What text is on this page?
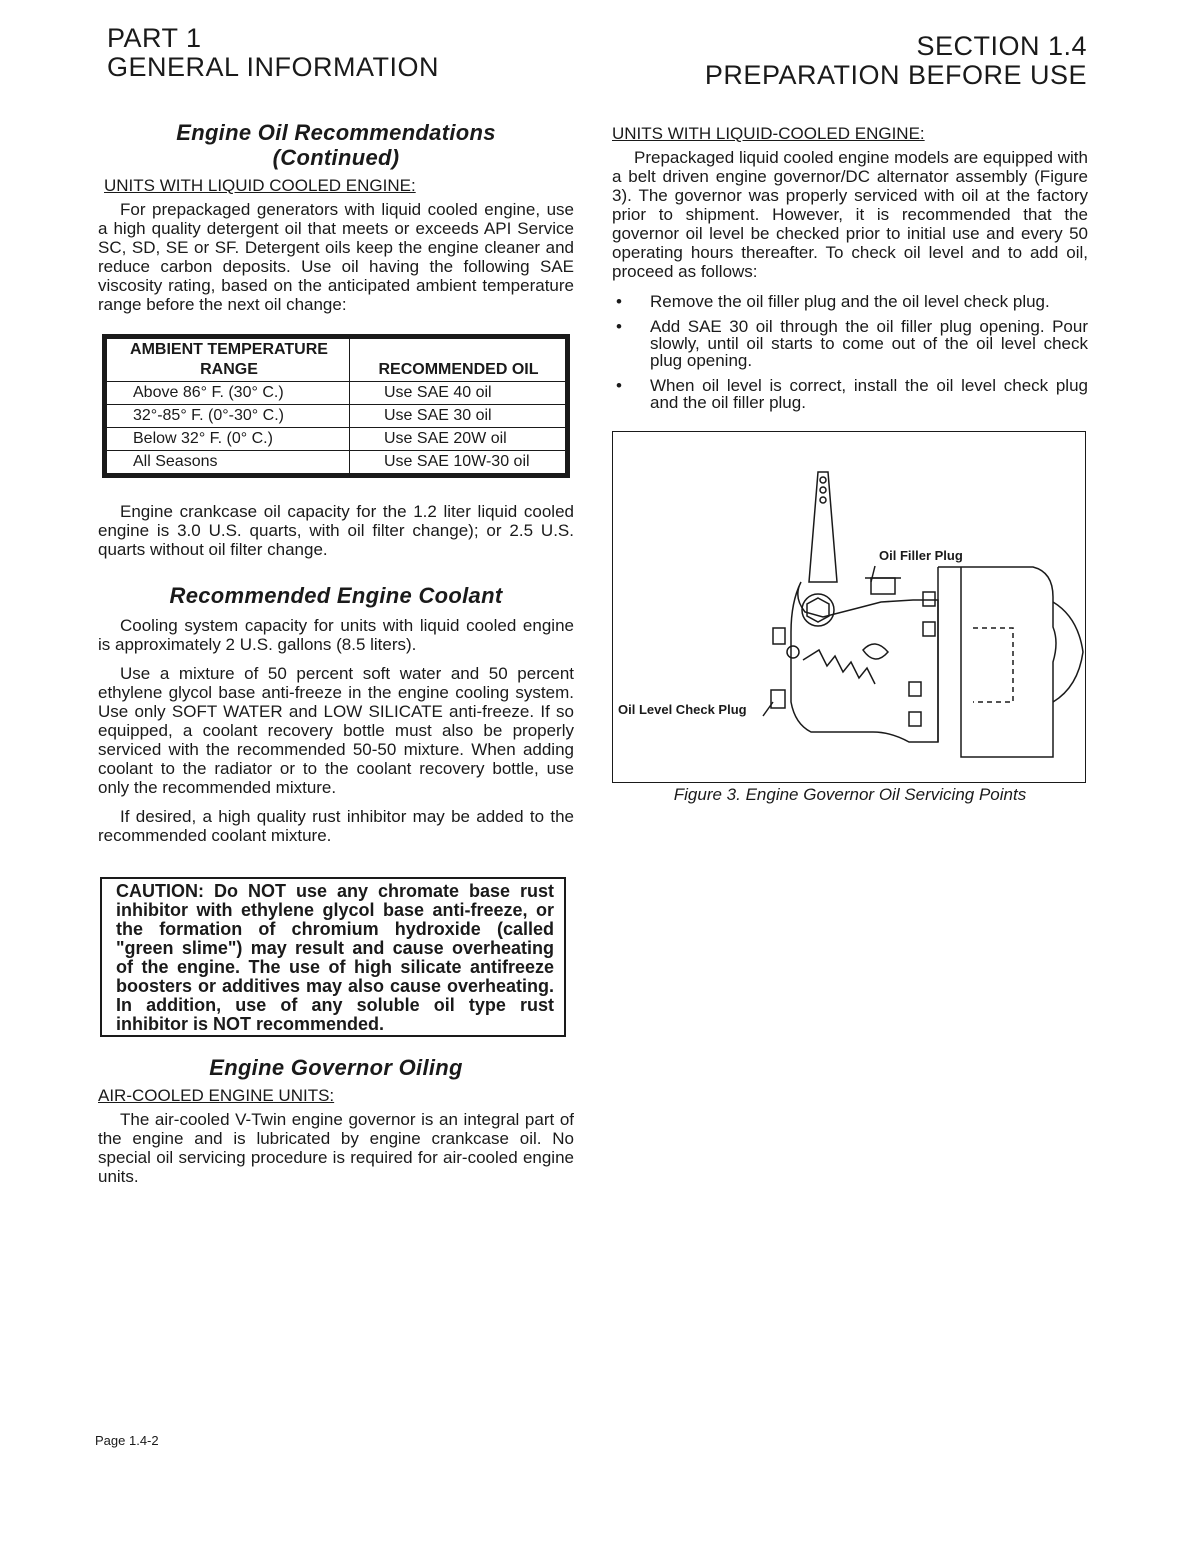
PART 1
GENERAL INFORMATION
SECTION 1.4
PREPARATION BEFORE USE
Engine Oil Recommendations (Continued)
UNITS WITH LIQUID COOLED ENGINE:

For prepackaged generators with liquid cooled engine, use a high quality detergent oil that meets or exceeds API Service SC, SD, SE or SF. Detergent oils keep the engine cleaner and reduce carbon deposits. Use oil having the following SAE viscosity rating, based on the anticipated ambient temperature range before the next oil change:

AMBIENT TEMPERATURE RANGE	RECOMMENDED OIL
Above 86° F. (30° C.)	Use SAE 40 oil
32°-85° F. (0°-30° C.)	Use SAE 30 oil
Below 32° F. (0° C.)	Use SAE 20W oil
All Seasons	Use SAE 10W-30 oil

Engine crankcase oil capacity for the 1.2 liter liquid cooled engine is 3.0 U.S. quarts, with oil filter change); or 2.5 U.S. quarts without oil filter change.

Recommended Engine Coolant

Cooling system capacity for units with liquid cooled engine is approximately 2 U.S. gallons (8.5 liters).

Use a mixture of 50 percent soft water and 50 percent ethylene glycol base anti-freeze in the engine cooling system. Use only SOFT WATER and LOW SILICATE anti-freeze. If so equipped, a coolant recovery bottle must also be properly serviced with the recommended 50-50 mixture. When adding coolant to the radiator or to the coolant recovery bottle, use only the recommended mixture.

If desired, a high quality rust inhibitor may be added to the recommended coolant mixture.

CAUTION: Do NOT use any chromate base rust inhibitor with ethylene glycol base anti-freeze, or the formation of chromium hydroxide (called "green slime") may result and cause overheating of the engine. The use of high silicate antifreeze boosters or additives may also cause overheating. In addition, use of any soluble oil type rust inhibitor is NOT recommended.
Engine Governor Oiling
AIR-COOLED ENGINE UNITS:

The air-cooled V-Twin engine governor is an integral part of the engine and is lubricated by engine crankcase oil. No special oil servicing procedure is required for air-cooled engine units.

UNITS WITH LIQUID-COOLED ENGINE:

Prepackaged liquid cooled engine models are equipped with a belt driven engine governor/DC alternator assembly (Figure 3). The governor was properly serviced with oil at the factory prior to shipment. However, it is recommended that the governor oil level be checked prior to initial use and every 50 operating hours thereafter. To check oil level and to add oil, proceed as follows:

• Remove the oil filler plug and the oil level check plug.
• Add SAE 30 oil through the oil filler plug opening. Pour slowly, until oil starts to come out of the oil level check plug opening.
• When oil level is correct, install the oil level check plug and the oil filler plug.
Oil Filler Plug
Oil Level Check Plug
Figure 3. Engine Governor Oil Servicing Points
Page 1.4-2
